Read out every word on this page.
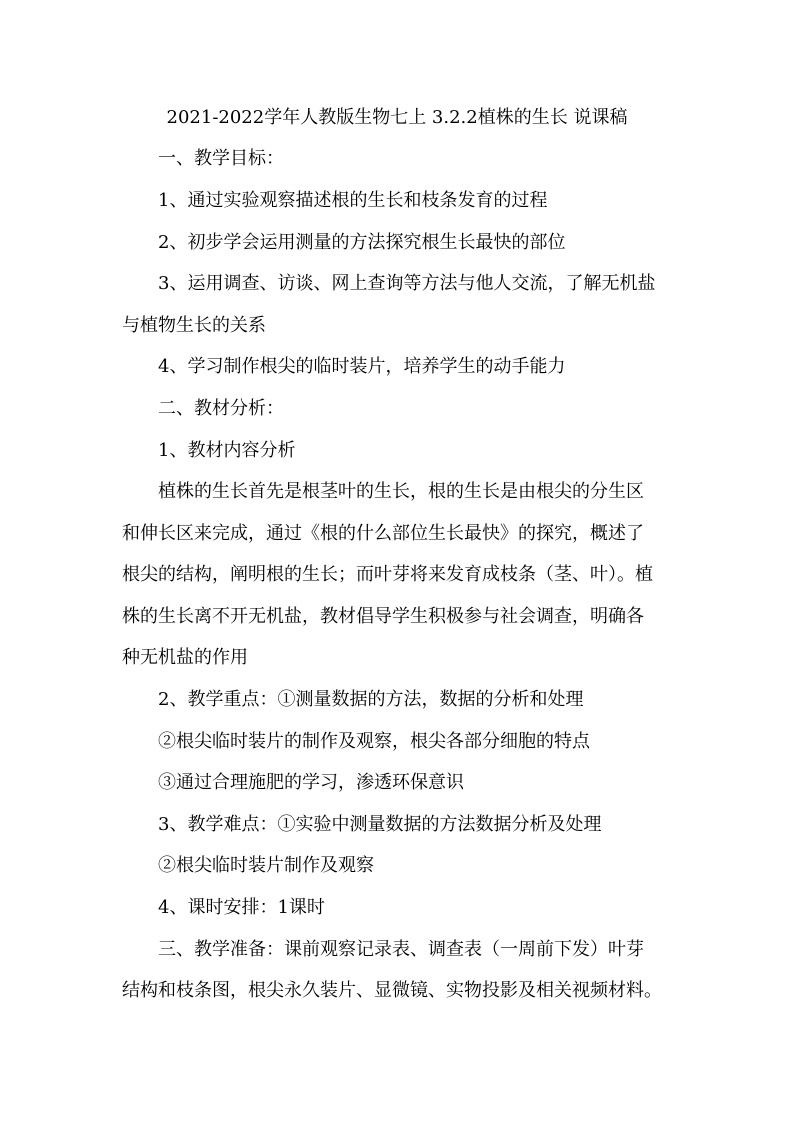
2021-2022学年人教版生物七上 3.2.2植株的生长 说课稿

一、教学目标：

1、通过实验观察描述根的生长和枝条发育的过程

2、初步学会运用测量的方法探究根生长最快的部位

3、运用调查、访谈、网上查询等方法与他人交流，了解无机盐

与植物生长的关系

4、学习制作根尖的临时装片，培养学生的动手能力

二、教材分析：

1、教材内容分析

植株的生长首先是根茎叶的生长，根的生长是由根尖的分生区

和伸长区来完成，通过《根的什么部位生长最快》的探究，概述了

根尖的结构，阐明根的生长；而叶芽将来发育成枝条（茎、叶）。植

株的生长离不开无机盐，教材倡导学生积极参与社会调查，明确各

种无机盐的作用

2、教学重点：①测量数据的方法，数据的分析和处理

②根尖临时装片的制作及观察，根尖各部分细胞的特点

③通过合理施肥的学习，渗透环保意识

3、教学难点：①实验中测量数据的方法数据分析及处理

②根尖临时装片制作及观察

4、课时安排：1课时

三、教学准备：课前观察记录表、调查表（一周前下发）叶芽

结构和枝条图，根尖永久装片、显微镜、实物投影及相关视频材料。
